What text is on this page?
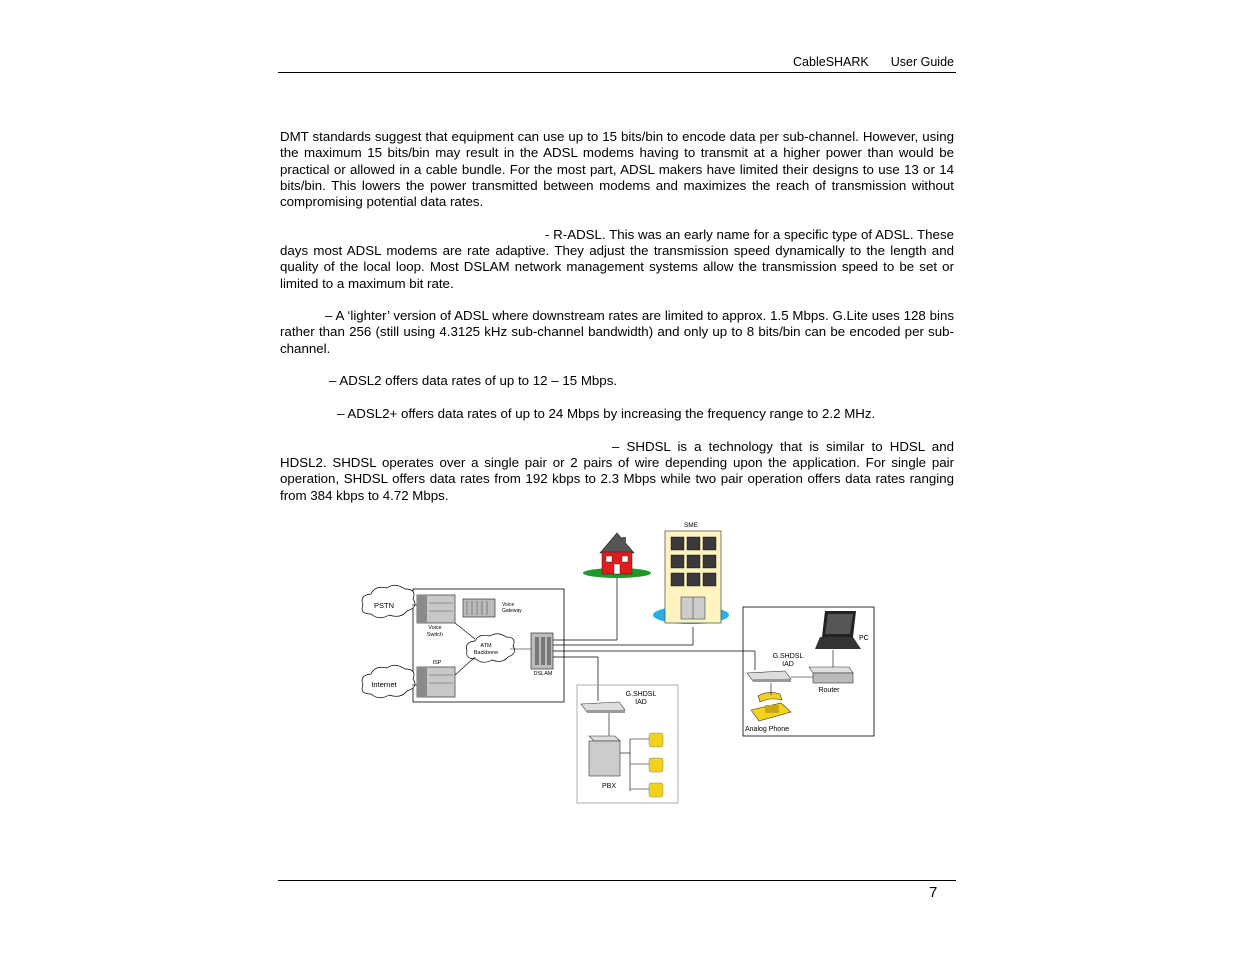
CableSHARK User Guide
DMT standards suggest that equipment can use up to 15 bits/bin to encode data per sub-channel. However, using the maximum 15 bits/bin may result in the ADSL modems having to transmit at a higher power than would be practical or allowed in a cable bundle. For the most part, ADSL makers have limited their designs to use 13 or 14 bits/bin. This lowers the power transmitted between modems and maximizes the reach of transmission without compromising potential data rates.
- R-ADSL. This was an early name for a specific type of ADSL. These
days most ADSL modems are rate adaptive. They adjust the transmission speed dynamically to the length and quality of the local loop. Most DSLAM network management systems allow the transmission speed to be set or limited to a maximum bit rate.
– A ‘lighter’ version of ADSL where downstream rates are limited to approx. 1.5 Mbps. G.Lite uses 128 bins rather than 256 (still using 4.3125 kHz sub-channel bandwidth) and only up to 8 bits/bin can be encoded per sub-channel.
– ADSL2 offers data rates of up to 12 – 15 Mbps.
– ADSL2+ offers data rates of up to 24 Mbps by increasing the frequency range to 2.2 MHz.
– SHDSL is a technology that is similar to HDSL and
HDSL2. SHDSL operates over a single pair or 2 pairs of wire depending upon the application. For single pair operation, SHDSL offers data rates from 192 kbps to 2.3 Mbps while two pair operation offers data rates ranging from 384 kbps to 4.72 Mbps.
PSTN
Internet
Voice
Switch
Voice
Gateway
ATM
Backbone
ISP
DSLAM
SME
PC
G.SHDSL
IAD
Router
Analog Phone
G.SHDSL
IAD
PBX
7
